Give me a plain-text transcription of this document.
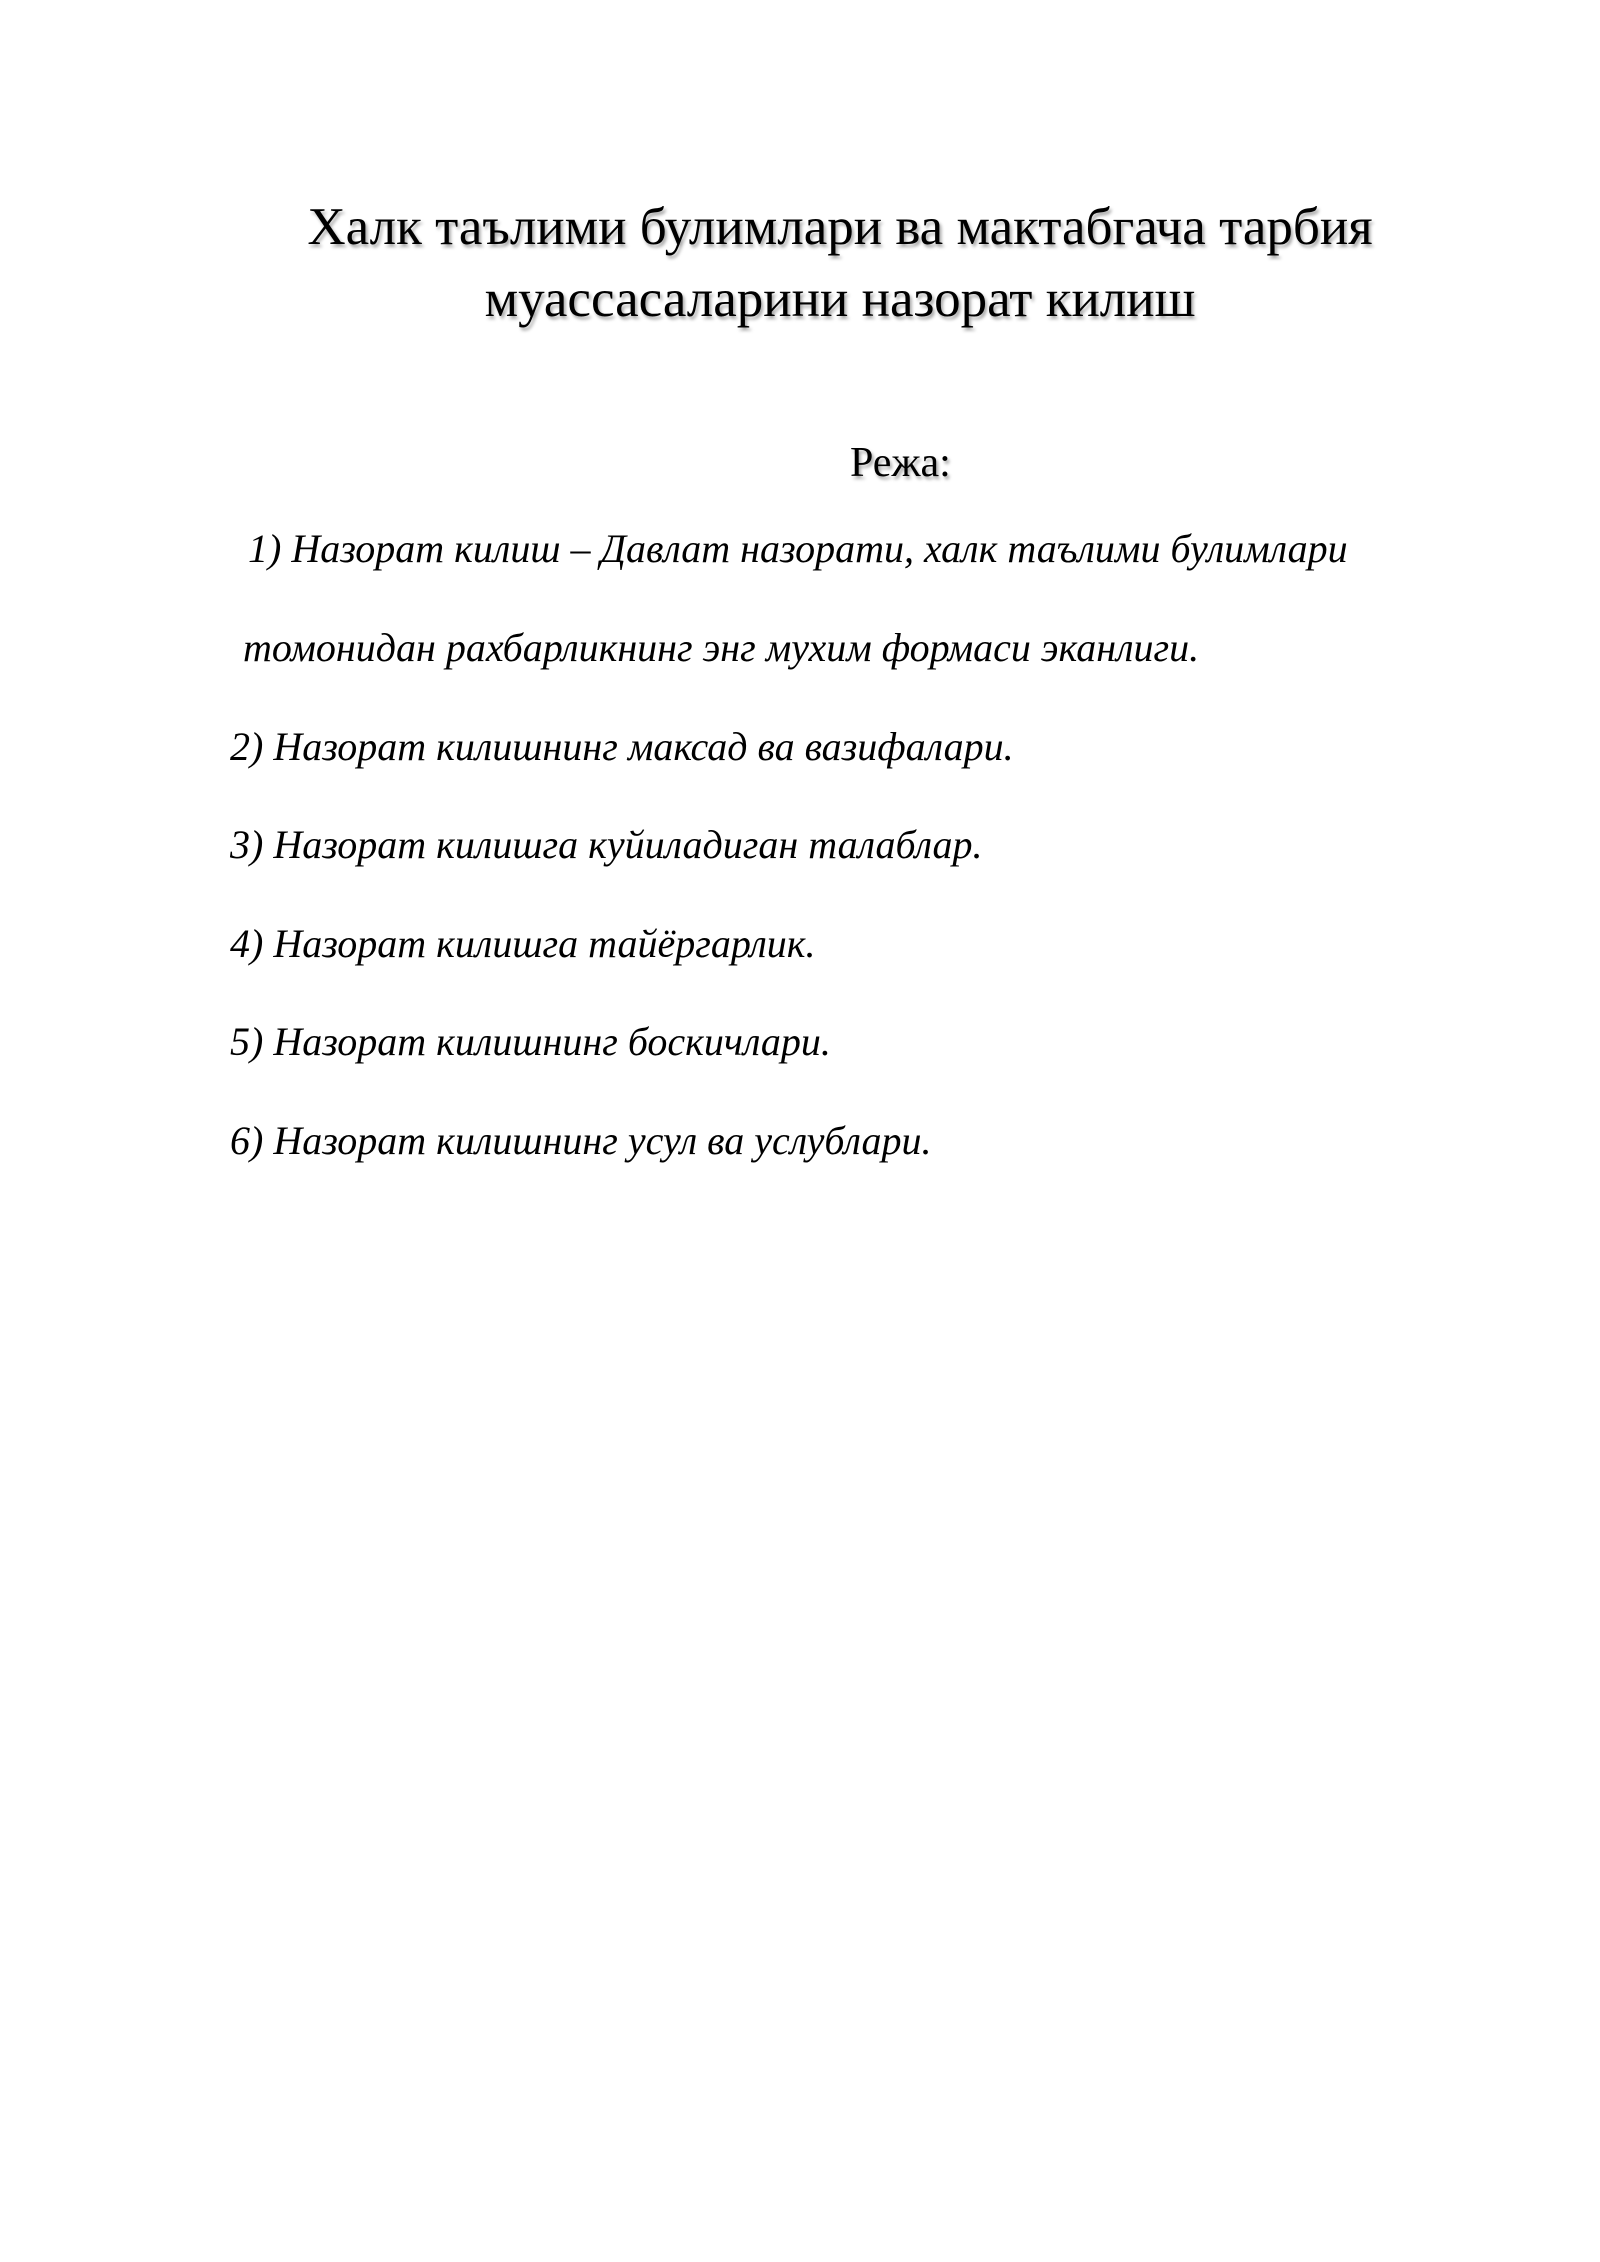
Халк таълими булимлари ва мактабгача тарбия
муассасаларини назорат килиш
Режа:
1) Назорат килиш – Давлат назорати, халк таълими булимлари
томонидан рахбарликнинг энг мухим формаси эканлиги.
2) Назорат килишнинг максад ва вазифалари.
3) Назорат килишга куйиладиган талаблар.
4) Назорат килишга тайёргарлик.
5) Назорат килишнинг боскичлари.
6) Назорат килишнинг усул ва услублари.
